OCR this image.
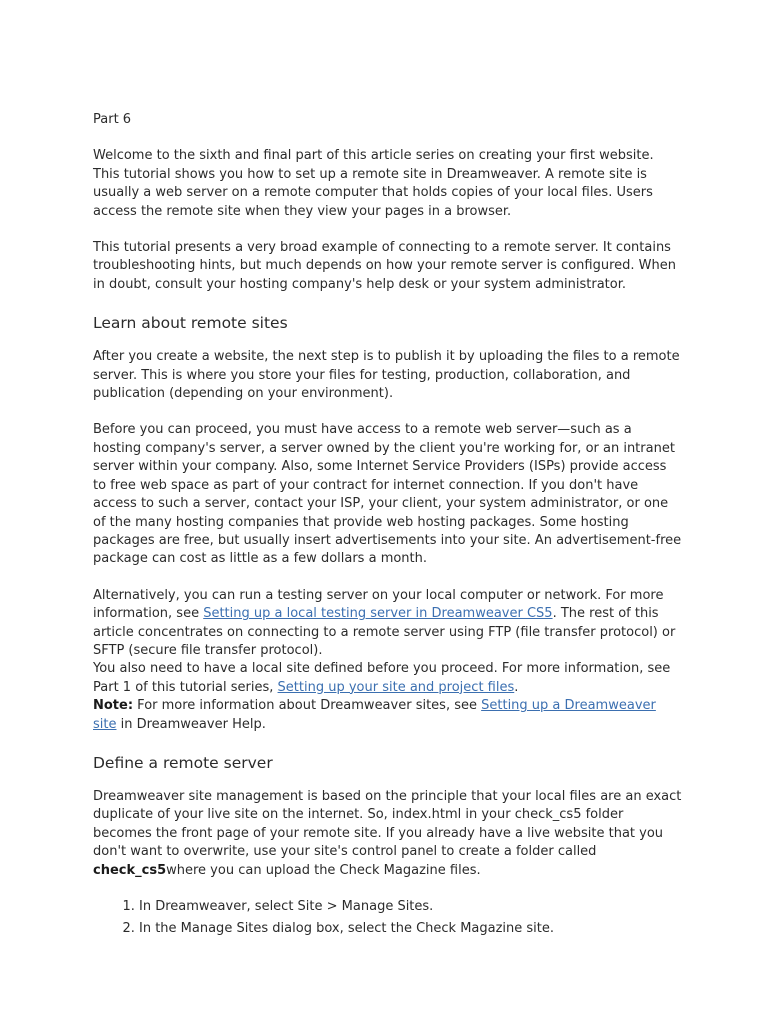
Part 6

Welcome to the sixth and final part of this article series on creating your first website. This tutorial shows you how to set up a remote site in Dreamweaver. A remote site is usually a web server on a remote computer that holds copies of your local files. Users access the remote site when they view your pages in a browser.

This tutorial presents a very broad example of connecting to a remote server. It contains troubleshooting hints, but much depends on how your remote server is configured. When in doubt, consult your hosting company's help desk or your system administrator.

Learn about remote sites

After you create a website, the next step is to publish it by uploading the files to a remote server. This is where you store your files for testing, production, collaboration, and publication (depending on your environment).

Before you can proceed, you must have access to a remote web server—such as a hosting company's server, a server owned by the client you're working for, or an intranet server within your company. Also, some Internet Service Providers (ISPs) provide access to free web space as part of your contract for internet connection. If you don't have access to such a server, contact your ISP, your client, your system administrator, or one of the many hosting companies that provide web hosting packages. Some hosting packages are free, but usually insert advertisements into your site. An advertisement-free package can cost as little as a few dollars a month.

Alternatively, you can run a testing server on your local computer or network. For more information, see Setting up a local testing server in Dreamweaver CS5. The rest of this article concentrates on connecting to a remote server using FTP (file transfer protocol) or SFTP (secure file transfer protocol).

You also need to have a local site defined before you proceed. For more information, see Part 1 of this tutorial series, Setting up your site and project files.

Note: For more information about Dreamweaver sites, see Setting up a Dreamweaver site in Dreamweaver Help.

Define a remote server

Dreamweaver site management is based on the principle that your local files are an exact duplicate of your live site on the internet. So, index.html in your check_cs5 folder becomes the front page of your remote site. If you already have a live website that you don't want to overwrite, use your site's control panel to create a folder called check_cs5where you can upload the Check Magazine files.

1. In Dreamweaver, select Site > Manage Sites.
2. In the Manage Sites dialog box, select the Check Magazine site.
